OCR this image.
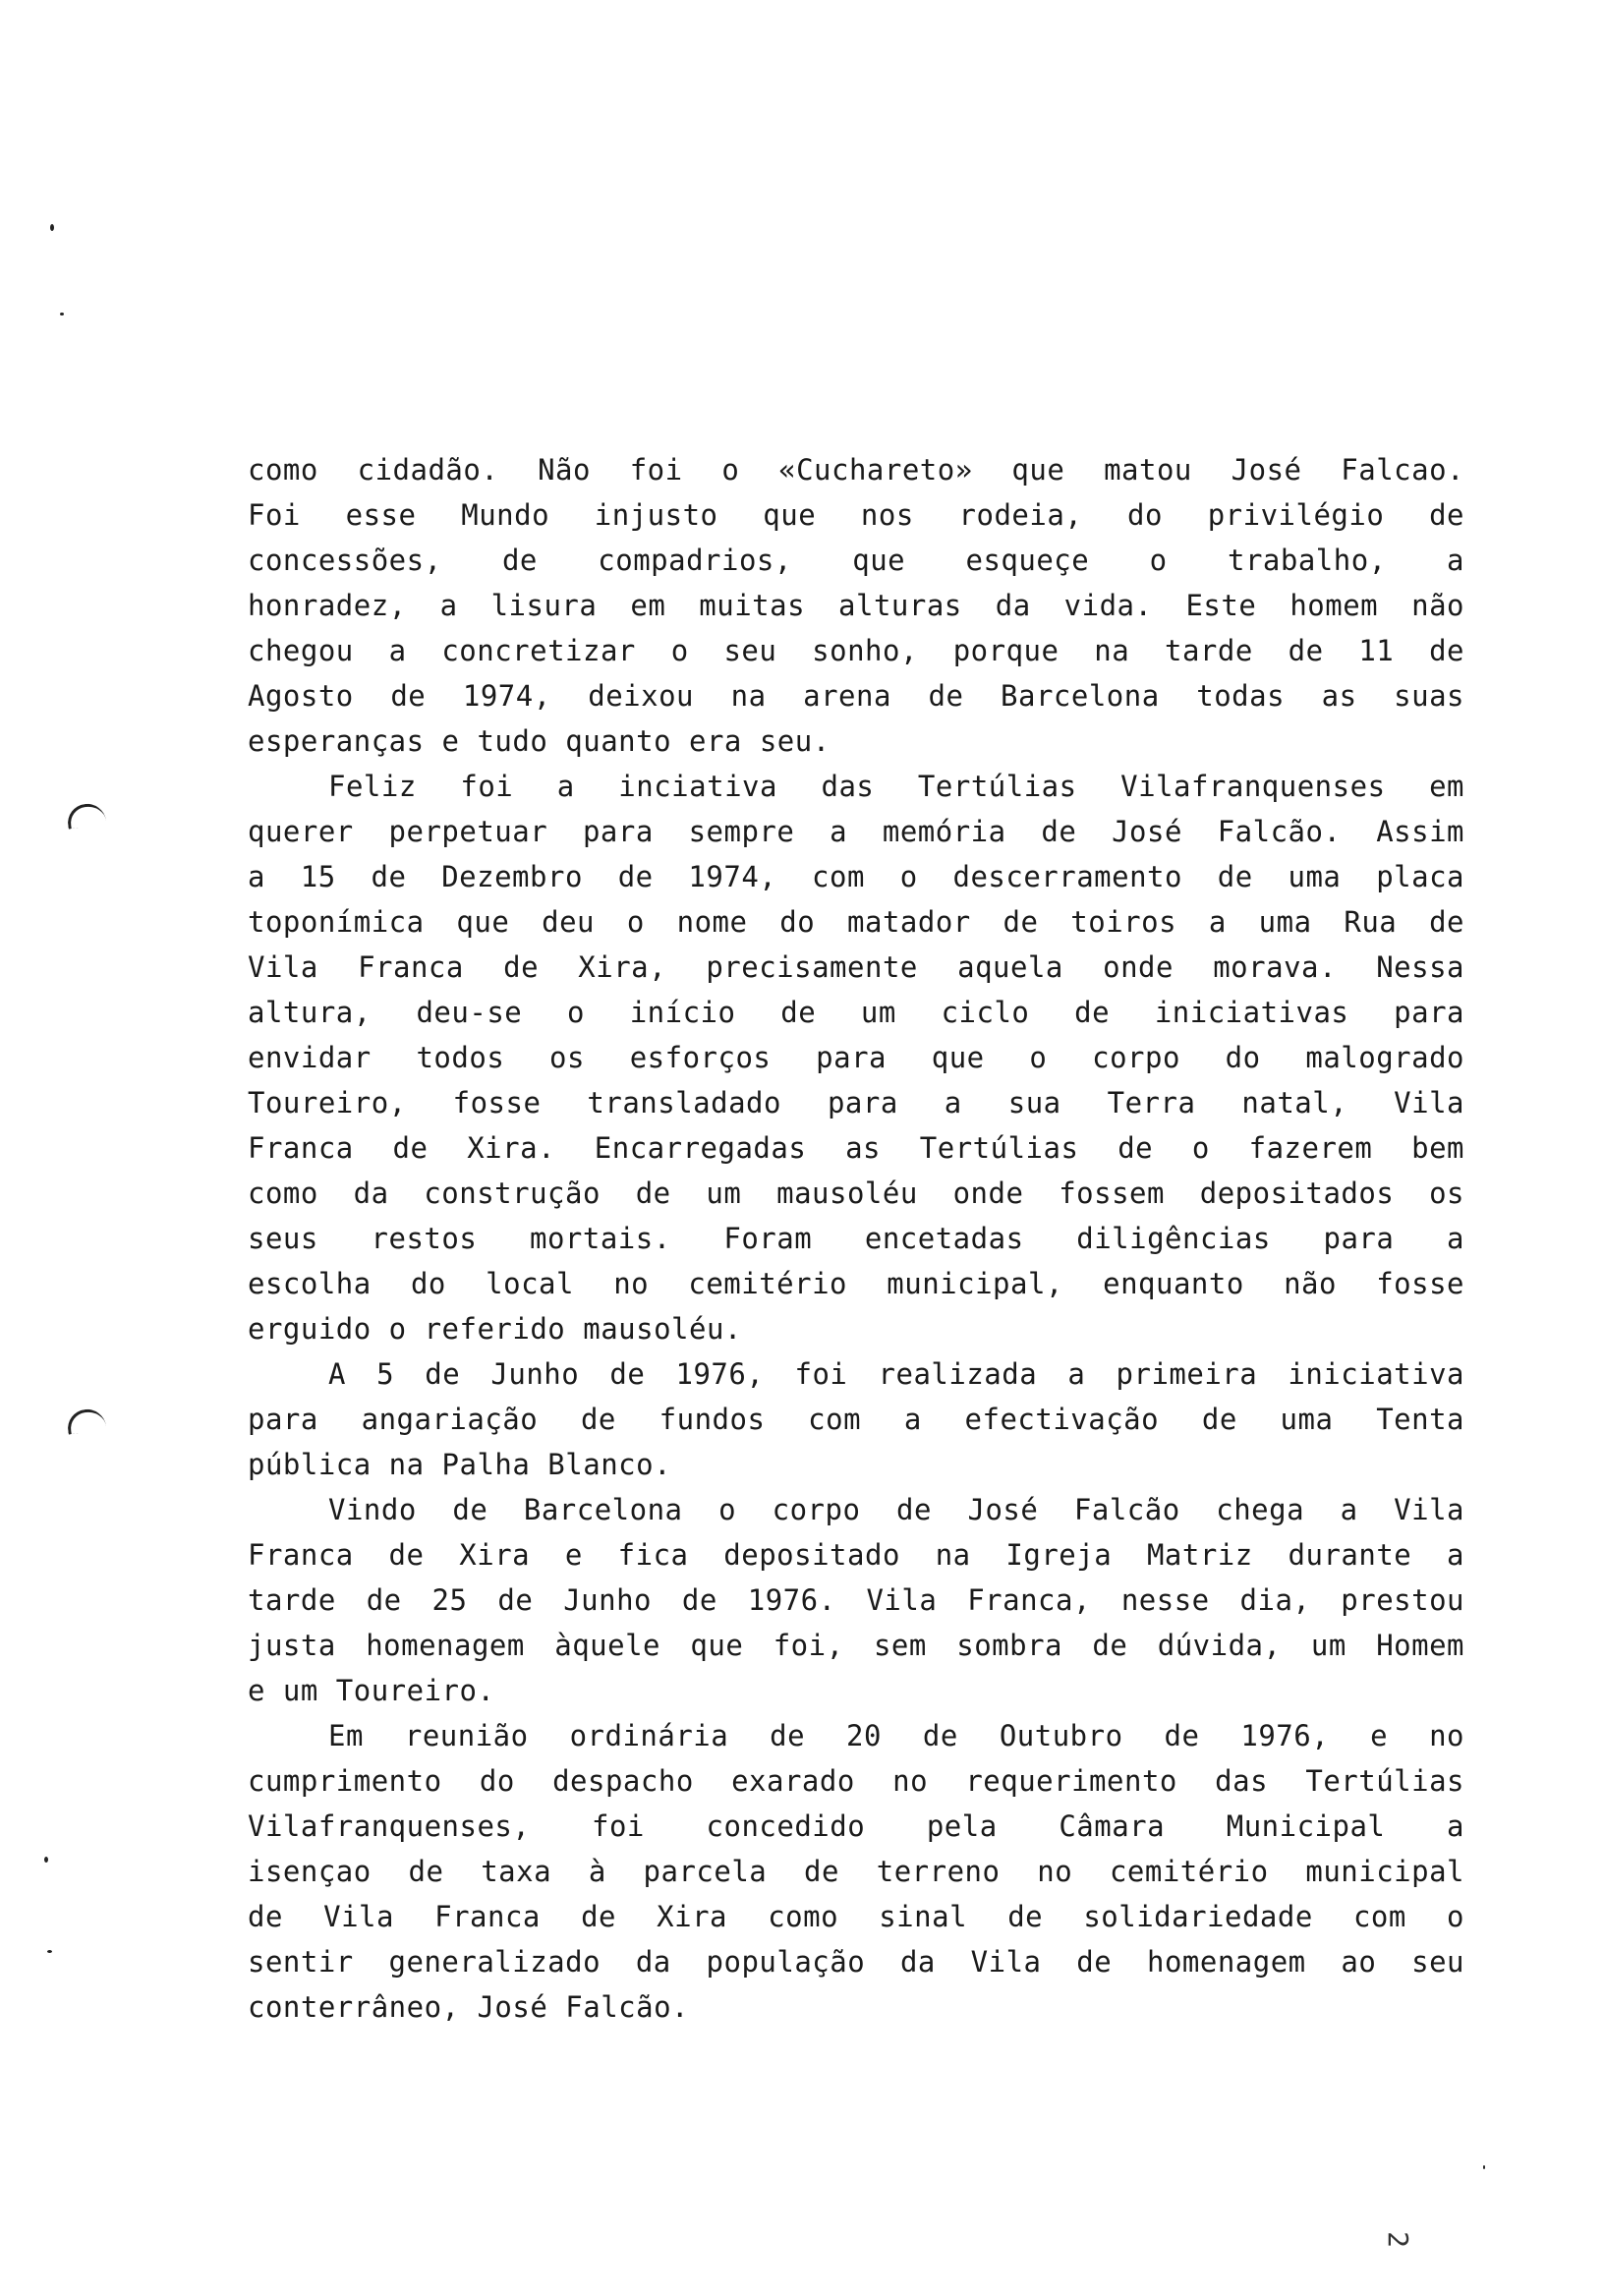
como cidadão. Não foi o «Cuchareto» que matou José Falcao.
Foi esse Mundo injusto que nos rodeia, do privilégio de
concessões, de compadrios, que esqueçe o trabalho, a
honradez, a lisura em muitas alturas da vida. Este homem não
chegou a concretizar o seu sonho, porque na tarde de 11 de
Agosto de 1974, deixou na arena de Barcelona todas as suas
esperanças e tudo quanto era seu.
Feliz foi a inciativa das Tertúlias Vilafranquenses em
querer perpetuar para sempre a memória de José Falcão. Assim
a 15 de Dezembro de 1974, com o descerramento de uma placa
toponímica que deu o nome do matador de toiros a uma Rua de
Vila Franca de Xira, precisamente aquela onde morava. Nessa
altura, deu-se o início de um ciclo de iniciativas para
envidar todos os esforços para que o corpo do malogrado
Toureiro, fosse transladado para a sua Terra natal, Vila
Franca de Xira. Encarregadas as Tertúlias de o fazerem bem
como da construção de um mausoléu onde fossem depositados os
seus restos mortais. Foram encetadas diligências para a
escolha do local no cemitério municipal, enquanto não fosse
erguido o referido mausoléu.
A 5 de Junho de 1976, foi realizada a primeira iniciativa
para angariação de fundos com a efectivação de uma Tenta
pública na Palha Blanco.
Vindo de Barcelona o corpo de José Falcão chega a Vila
Franca de Xira e fica depositado na Igreja Matriz durante a
tarde de 25 de Junho de 1976. Vila Franca, nesse dia, prestou
justa homenagem àquele que foi, sem sombra de dúvida, um Homem
e um Toureiro.
Em reunião ordinária de 20 de Outubro de 1976, e no
cumprimento do despacho exarado no requerimento das Tertúlias
Vilafranquenses, foi concedido pela Câmara Municipal a
isençao de taxa à parcela de terreno no cemitério municipal
de Vila Franca de Xira como sinal de solidariedade com o
sentir generalizado da população da Vila de homenagem ao seu
conterrâneo, José Falcão.
2
